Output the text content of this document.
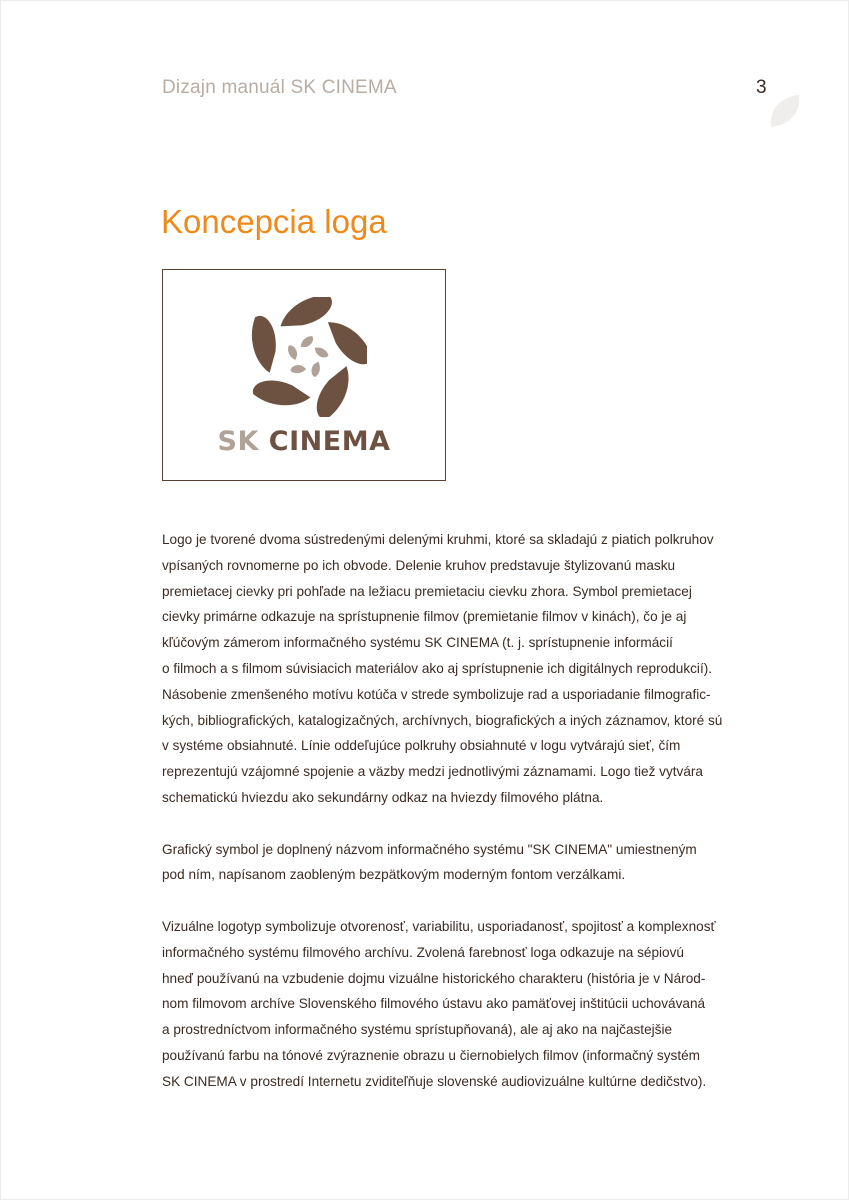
Dizajn manuál SK CINEMA	3
Koncepcia loga
SK CINEMA

Logo je tvorené dvoma sústredenými delenými kruhmi, ktoré sa skladajú z piatich polkruhov
vpísaných rovnomerne po ich obvode. Delenie kruhov predstavuje štylizovanú masku
premietacej cievky pri pohľade na ležiacu premietaciu cievku zhora. Symbol premietacej
cievky primárne odkazuje na sprístupnenie filmov (premietanie filmov v kinách), čo je aj
kľúčovým zámerom informačného systému SK CINEMA (t. j. sprístupnenie informácií
o filmoch a s filmom súvisiacich materiálov ako aj sprístupnenie ich digitálnych reprodukcií).
Násobenie zmenšeného motívu kotúča v strede symbolizuje rad a usporiadanie filmografic-
kých, bibliografických, katalogizačných, archívnych, biografických a iných záznamov, ktoré sú
v systéme obsiahnuté. Línie oddeľujúce polkruhy obsiahnuté v logu vytvárajú sieť, čím
reprezentujú vzájomné spojenie a väzby medzi jednotlivými záznamami. Logo tiež vytvára
schematickú hviezdu ako sekundárny odkaz na hviezdy filmového plátna.

Grafický symbol je doplnený názvom informačného systému "SK CINEMA" umiestneným
pod ním, napísanom zaobleným bezpätkovým moderným fontom verzálkami.

Vizuálne logotyp symbolizuje otvorenosť, variabilitu, usporiadanosť, spojitosť a komplexnosť
informačného systému filmového archívu. Zvolená farebnosť loga odkazuje na sépiovú
hneď používanú na vzbudenie dojmu vizuálne historického charakteru (história je v Národ-
nom filmovom archíve Slovenského filmového ústavu ako pamäťovej inštitúcii uchovávaná
a prostredníctvom informačného systému sprístupňovaná), ale aj ako na najčastejšie
používanú farbu na tónové zvýraznenie obrazu u čiernobielych filmov (informačný systém
SK CINEMA v prostredí Internetu zviditeľňuje slovenské audiovizuálne kultúrne dedičstvo).
